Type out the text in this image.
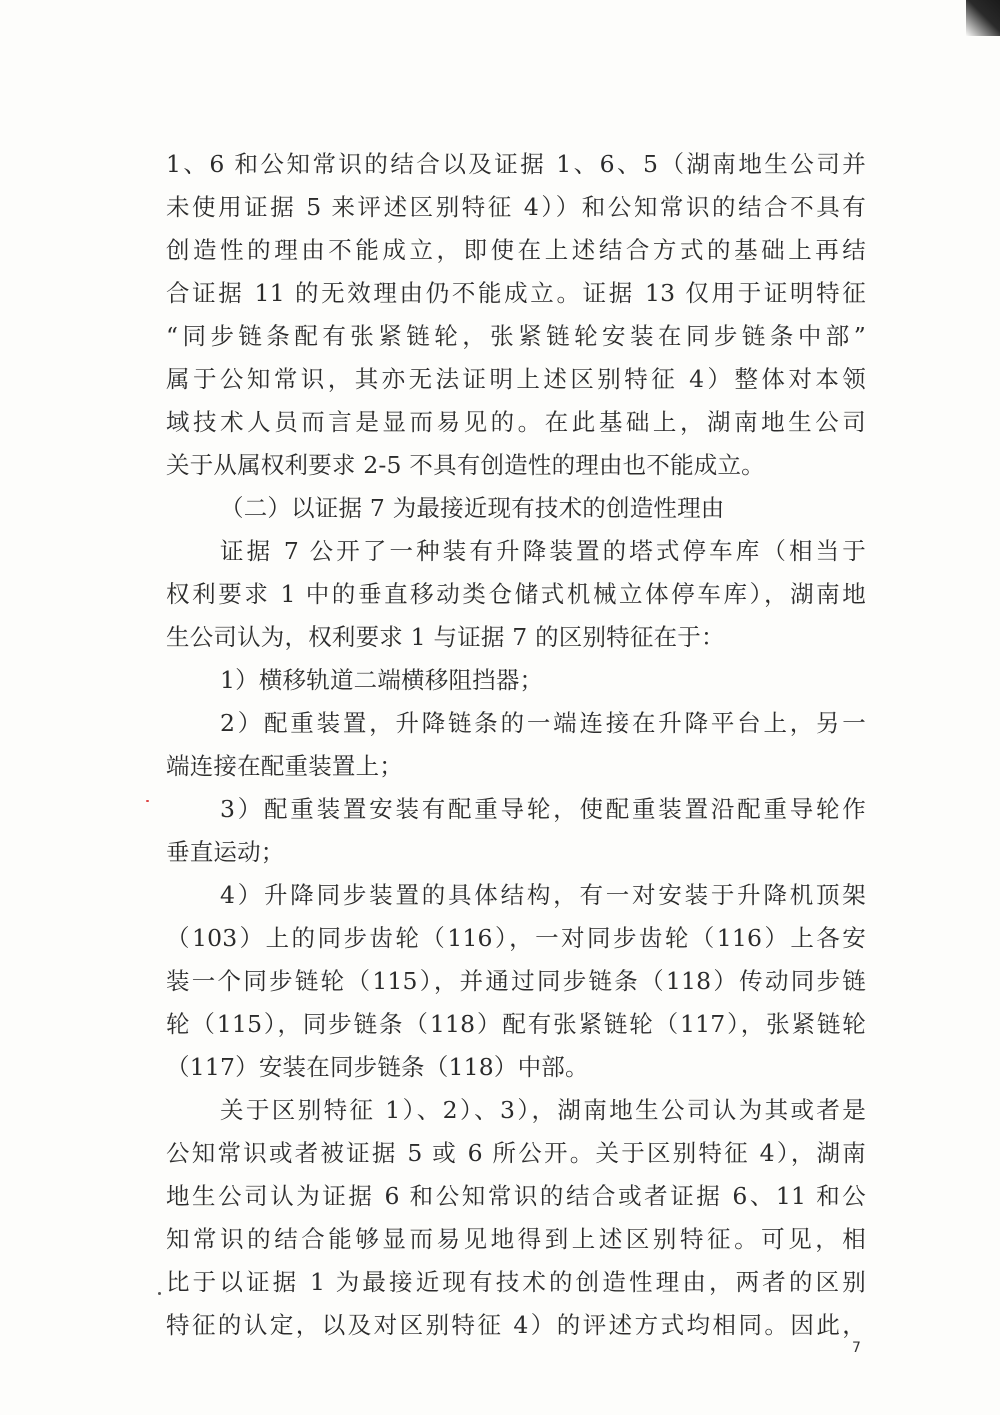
1、6 和公知常识的结合以及证据 1、6、5（湖南地生公司并
未使用证据 5 来评述区别特征 4））和公知常识的结合不具有
创造性的理由不能成立，即使在上述结合方式的基础上再结
合证据 11 的无效理由仍不能成立。证据 13 仅用于证明特征
“同步链条配有张紧链轮，张紧链轮安装在同步链条中部”
属于公知常识，其亦无法证明上述区别特征 4）整体对本领
域技术人员而言是显而易见的。在此基础上，湖南地生公司
关于从属权利要求 2-5 不具有创造性的理由也不能成立。
（二）以证据 7 为最接近现有技术的创造性理由
证据 7 公开了一种装有升降装置的塔式停车库（相当于
权利要求 1 中的垂直移动类仓储式机械立体停车库），湖南地
生公司认为，权利要求 1 与证据 7 的区别特征在于：
1）横移轨道二端横移阻挡器；
2）配重装置，升降链条的一端连接在升降平台上，另一
端连接在配重装置上；
3）配重装置安装有配重导轮，使配重装置沿配重导轮作
垂直运动；
4）升降同步装置的具体结构，有一对安装于升降机顶架
（103）上的同步齿轮（116），一对同步齿轮（116）上各安
装一个同步链轮（115），并通过同步链条（118）传动同步链
轮（115），同步链条（118）配有张紧链轮（117），张紧链轮
（117）安装在同步链条（118）中部。
关于区别特征 1）、2）、3），湖南地生公司认为其或者是
公知常识或者被证据 5 或 6 所公开。关于区别特征 4），湖南
地生公司认为证据 6 和公知常识的结合或者证据 6、11 和公
知常识的结合能够显而易见地得到上述区别特征。可见，相
比于以证据 1 为最接近现有技术的创造性理由，两者的区别
特征的认定，以及对区别特征 4）的评述方式均相同。因此，
7
